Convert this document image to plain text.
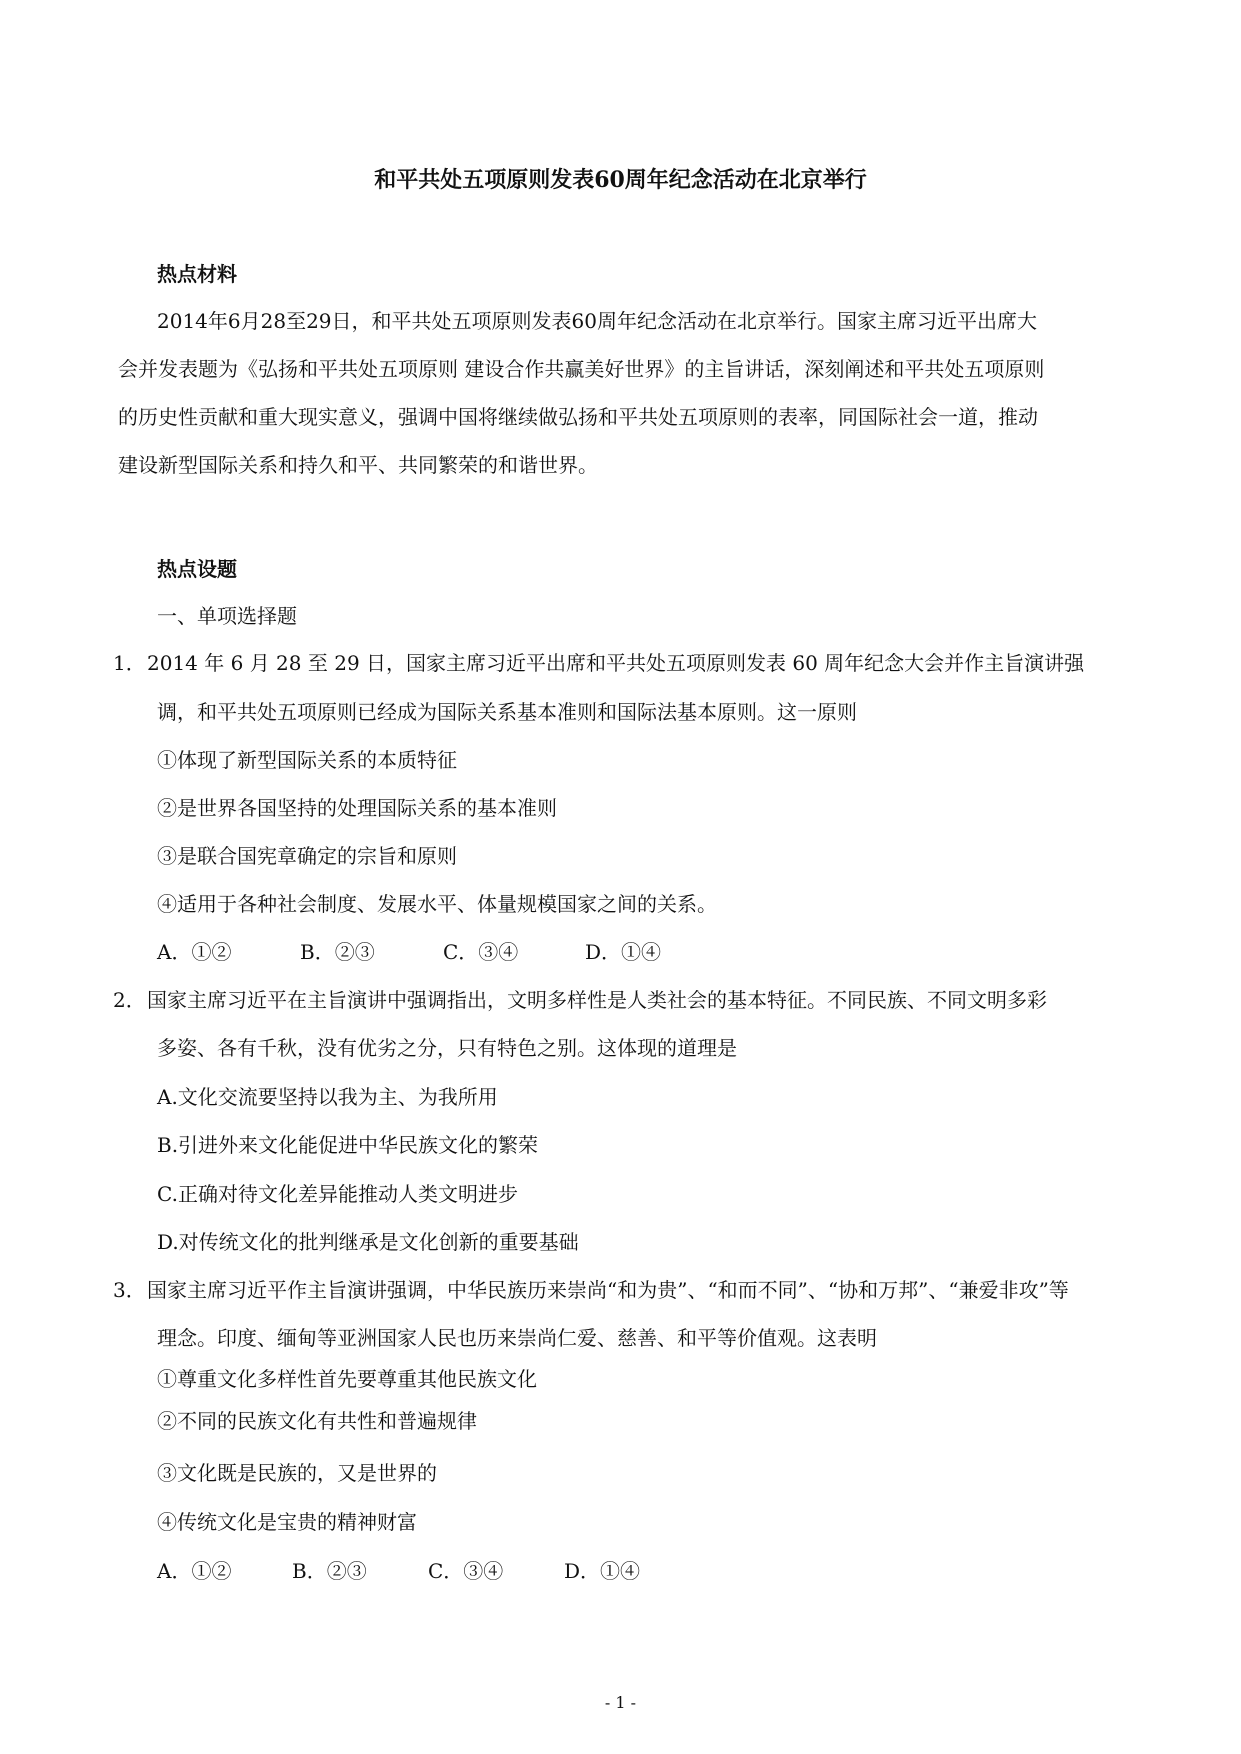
和平共处五项原则发表60周年纪念活动在北京举行
热点材料
2014年6月28至29日，和平共处五项原则发表60周年纪念活动在北京举行。国家主席习近平出席大
会并发表题为《弘扬和平共处五项原则 建设合作共赢美好世界》的主旨讲话，深刻阐述和平共处五项原则
的历史性贡献和重大现实意义，强调中国将继续做弘扬和平共处五项原则的表率，同国际社会一道，推动
建设新型国际关系和持久和平、共同繁荣的和谐世界。
热点设题
一、单项选择题
1． 2014 年 6 月 28 至 29 日，国家主席习近平出席和平共处五项原则发表 60 周年纪念大会并作主旨演讲强
调，和平共处五项原则已经成为国际关系基本准则和国际法基本原则。这一原则
①体现了新型国际关系的本质特征
②是世界各国坚持的处理国际关系的基本准则
③是联合国宪章确定的宗旨和原则
④适用于各种社会制度、发展水平、体量规模国家之间的关系。
A．①②	B．②③	C．③④	D．①④
2． 国家主席习近平在主旨演讲中强调指出，文明多样性是人类社会的基本特征。不同民族、不同文明多彩
多姿、各有千秋，没有优劣之分，只有特色之别。这体现的道理是
A.文化交流要坚持以我为主、为我所用
B.引进外来文化能促进中华民族文化的繁荣
C.正确对待文化差异能推动人类文明进步
D.对传统文化的批判继承是文化创新的重要基础
3． 国家主席习近平作主旨演讲强调，中华民族历来崇尚“和为贵”、“和而不同”、“协和万邦”、“兼爱非攻”等
理念。印度、缅甸等亚洲国家人民也历来崇尚仁爱、慈善、和平等价值观。这表明
①尊重文化多样性首先要尊重其他民族文化
②不同的民族文化有共性和普遍规律
③文化既是民族的，又是世界的
④传统文化是宝贵的精神财富
A．①②	B．②③	C．③④	D．①④
- 1 -
